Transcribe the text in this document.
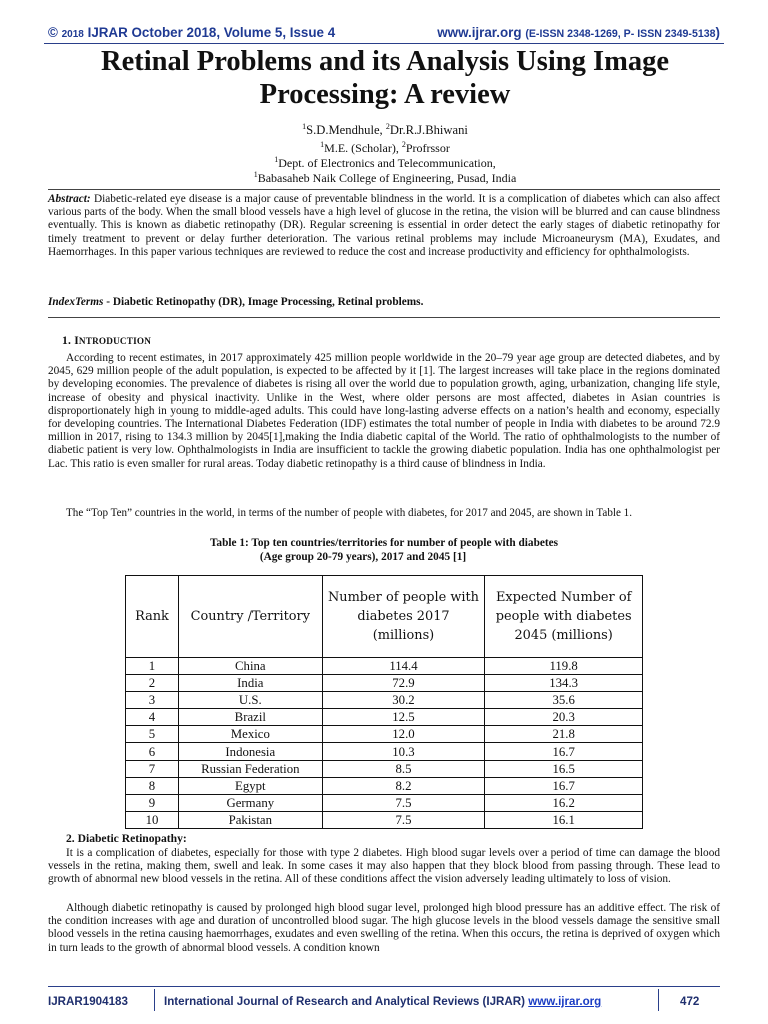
© 2018 IJRAR October 2018, Volume 5, Issue 4	www.ijrar.org (E-ISSN 2348-1269, P- ISSN 2349-5138)
Retinal Problems and its Analysis Using Image
Processing: A review
$^1$S.D.Mendhule, $^2$Dr.R.J.Bhiwani
$^1$M.E. (Scholar), $^2$Profrssor
$^1$Dept. of Electronics and Telecommunication,
$^1$Babasaheb Naik College of Engineering, Pusad, India
Abstract: Diabetic-related eye disease is a major cause of preventable blindness in the world. It is a complication of diabetes which can also affect various parts of the body. When the small blood vessels have a high level of glucose in the retina, the vision will be blurred and can cause blindness eventually. This is known as diabetic retinopathy (DR). Regular screening is essential in order detect the early stages of diabetic retinopathy for timely treatment to prevent or delay further deterioration. The various retinal problems may include Microaneurysm (MA), Exudates, and Haemorrhages. In this paper various techniques are reviewed to reduce the cost and increase productivity and efficiency for ophthalmologists.
IndexTerms - Diabetic Retinopathy (DR), Image Processing, Retinal problems.
1. INTRODUCTION

According to recent estimates, in 2017 approximately 425 million people worldwide in the 20–79 year age group are detected diabetes, and by 2045, 629 million people of the adult population, is expected to be affected by it [1]. The largest increases will take place in the regions dominated by developing economies. The prevalence of diabetes is rising all over the world due to population growth, aging, urbanization, changing life style, increase of obesity and physical inactivity. Unlike in the West, where older persons are most affected, diabetes in Asian countries is disproportionately high in young to middle-aged adults. This could have long-lasting adverse effects on a nation’s health and economy, especially for developing countries. The International Diabetes Federation (IDF) estimates the total number of people in India with diabetes to be around 72.9 million in 2017, rising to 134.3 million by 2045[1],making the India diabetic capital of the World. The ratio of ophthalmologists to the number of diabetic patient is very low. Ophthalmologists in India are insufficient to tackle the growing diabetic population. India has one ophthalmologist per Lac. This ratio is even smaller for rural areas. Today diabetic retinopathy is a third cause of blindness in India.

The “Top Ten” countries in the world, in terms of the number of people with diabetes, for 2017 and 2045, are shown in Table 1.

Table 1: Top ten countries/territories for number of people with diabetes
(Age group 20-79 years), 2017 and 2045 [1]
Rank	Country /Territory	Number of people with diabetes 2017 (millions)	Expected Number of people with diabetes 2045 (millions)
1	China	114.4	119.8
2	India	72.9	134.3
3	U.S.	30.2	35.6
4	Brazil	12.5	20.3
5	Mexico	12.0	21.8
6	Indonesia	10.3	16.7
7	Russian Federation	8.5	16.5
8	Egypt	8.2	16.7
9	Germany	7.5	16.2
10	Pakistan	7.5	16.1
2. Diabetic Retinopathy:

It is a complication of diabetes, especially for those with type 2 diabetes. High blood sugar levels over a period of time can damage the blood vessels in the retina, making them, swell and leak. In some cases it may also happen that they block blood from passing through. These lead to growth of abnormal new blood vessels in the retina. All of these conditions affect the vision adversely leading ultimately to loss of vision.

Although diabetic retinopathy is caused by prolonged high blood sugar level, prolonged high blood pressure has an additive effect. The risk of the condition increases with age and duration of uncontrolled blood sugar. The high glucose levels in the blood vessels damage the sensitive small blood vessels in the retina causing haemorrhages, exudates and even swelling of the retina. When this occurs, the retina is deprived of oxygen which in turn leads to the growth of abnormal blood vessels. A condition known

IJRAR1904183	International Journal of Research and Analytical Reviews (IJRAR) www.ijrar.org	472
